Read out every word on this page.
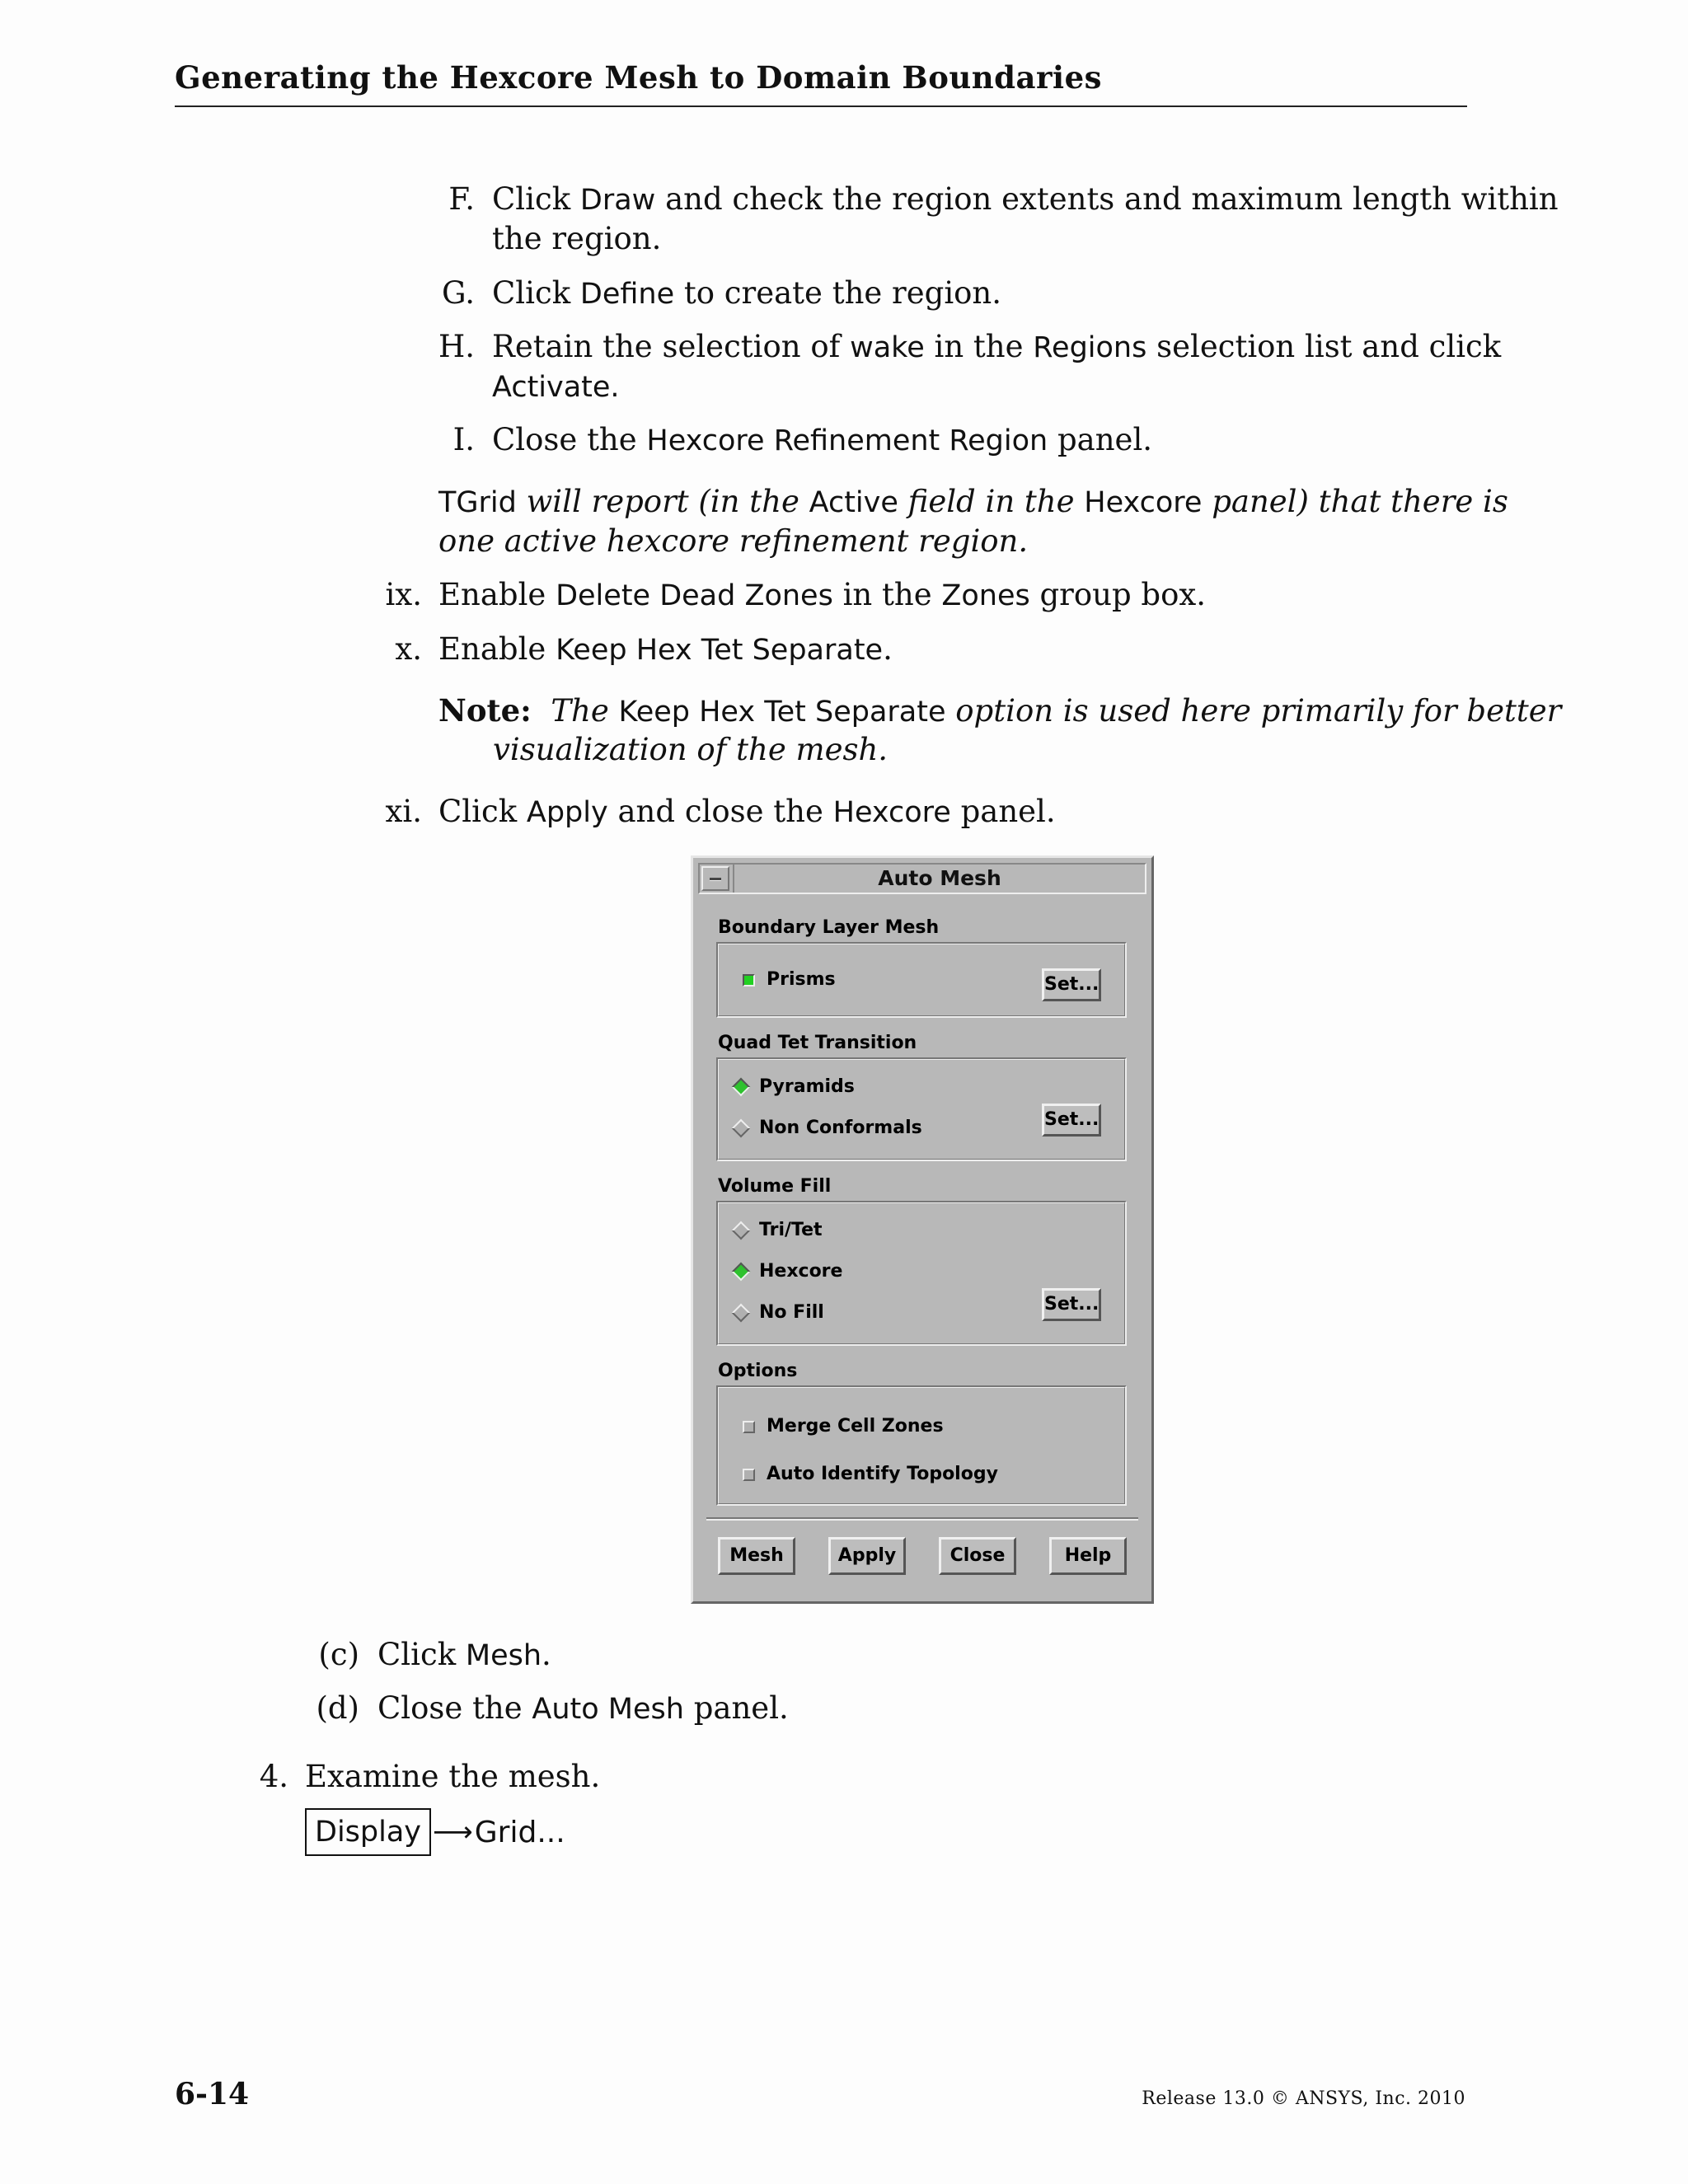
Generating the Hexcore Mesh to Domain Boundaries
F. Click Draw and check the region extents and maximum length within
the region.
G. Click Define to create the region.
H. Retain the selection of wake in the Regions selection list and click
Activate.
I. Close the Hexcore Refinement Region panel.
TGrid will report (in the Active field in the Hexcore panel) that there is
one active hexcore refinement region.
ix. Enable Delete Dead Zones in the Zones group box.
x. Enable Keep Hex Tet Separate.
Note: The Keep Hex Tet Separate option is used here primarily for better
visualization of the mesh.
xi. Click Apply and close the Hexcore panel.
Auto Mesh
Boundary Layer Mesh
Prisms	Set...
Quad Tet Transition
Pyramids
Non Conformals	Set...
Volume Fill
Tri/Tet
Hexcore
No Fill	Set...
Options
Merge Cell Zones
Auto Identify Topology
Mesh	Apply	Close	Help
(c) Click Mesh.
(d) Close the Auto Mesh panel.
4. Examine the mesh.
Display ⟶ Grid...
6-14	Release 13.0 © ANSYS, Inc. 2010
